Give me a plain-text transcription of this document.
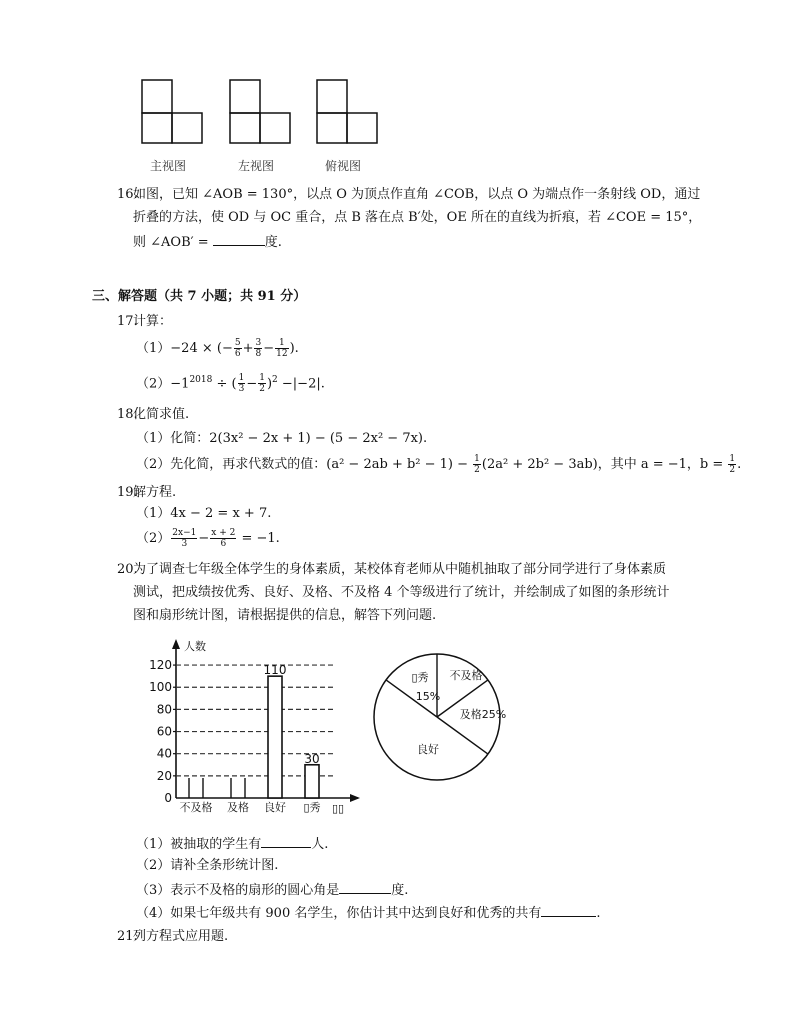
主视图	左视图	俯视图
16.
如图，已知 ∠AOB = 130°，以点 O 为顶点作直角 ∠COB，以点 O 为端点作一条射线 OD，通过
折叠的方法，使 OD 与 OC 重合，点 B 落在点 B′处，OE 所在的直线为折痕，若 ∠COE = 15°，
则 ∠AOB′ =	度.
三、解答题（共 7 小题；共 91 分）
17.
计算：
（1）−24 × (− $\frac{5}{6} + \frac{3}{8} - \frac{1}{12}$ ).
$(2)-1^{2018}$ ÷ ( $\frac{1}{3} - \frac{1}{2} )^2 -|-2|$.
18.
化简求值.
（1）化简：2(3x² − 2x + 1) − (5 − 2x² − 7x).
（2）先化简，再求代数式的值：$(a^2 - 2ab + b^2 - 1) - \frac{1}{2} (2a^2 + 2b^2 - 3ab)$，其中 a = −1，$b = \frac{1}{2}$ .
19.
解方程.
（1）4x − 2 = x + 7.
$(2) \frac{2x-1}{3} - \frac{x + 2}{6} = -1$.
20.
为了调查七年级全体学生的身体素质，某校体育老师从中随机抽取了部分同学进行了身体素质
测试，把成绩按优秀、良好、及格、不及格 4 个等级进行了统计，并绘制成了如图的条形统计
图和扇形统计图，请根据提供的信息，解答下列问题.
人数
0
20
40
60
80
100
120
不及格 及格 良好
110
▯秀
30
▯▯
不及格
及格25%
良好
▯秀
15%
（1）被抽取的学生有	人.
（2）请补全条形统计图.
（3）表示不及格的扇形的圆心角是	度.
（4）如果七年级共有 900 名学生，你估计其中达到良好和优秀的共有	.
21.
列方程式应用题.
